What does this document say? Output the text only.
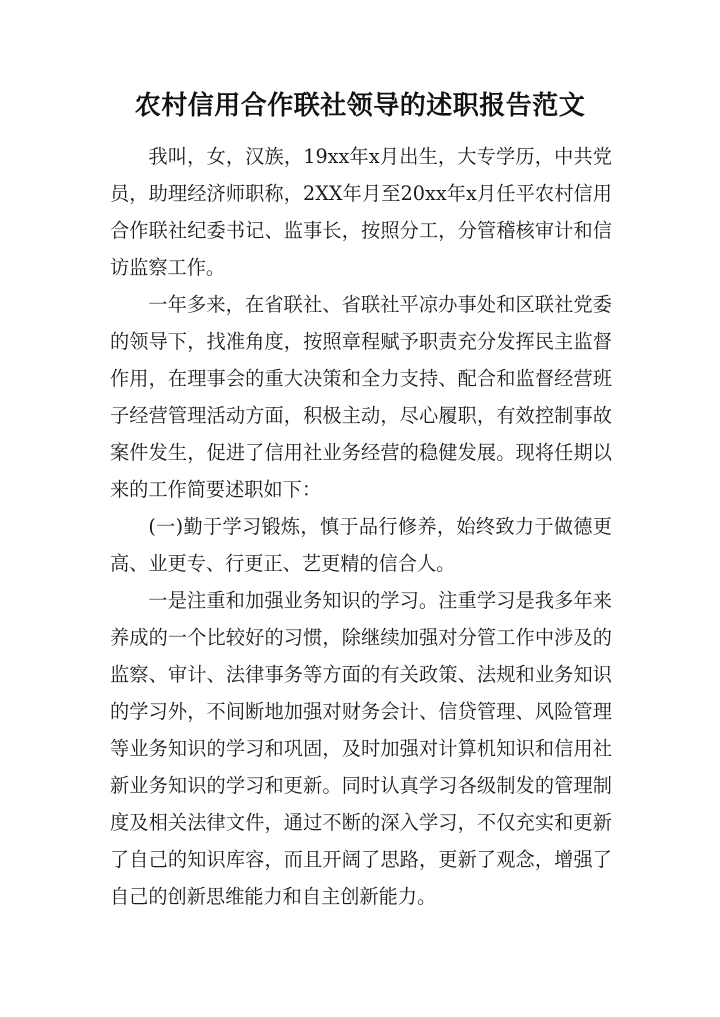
农村信用合作联社领导的述职报告范文

我叫，女，汉族，19xx年x月出生，大专学历，中共党员，助理经济师职称，2XX年月至20xx年x月任平农村信用合作联社纪委书记、监事长，按照分工，分管稽核审计和信访监察工作。

一年多来，在省联社、省联社平凉办事处和区联社党委的领导下，找准角度，按照章程赋予职责充分发挥民主监督作用，在理事会的重大决策和全力支持、配合和监督经营班子经营管理活动方面，积极主动，尽心履职，有效控制事故案件发生，促进了信用社业务经营的稳健发展。现将任期以来的工作简要述职如下：

(一)勤于学习锻炼，慎于品行修养，始终致力于做德更高、业更专、行更正、艺更精的信合人。

一是注重和加强业务知识的学习。注重学习是我多年来养成的一个比较好的习惯，除继续加强对分管工作中涉及的监察、审计、法律事务等方面的有关政策、法规和业务知识的学习外，不间断地加强对财务会计、信贷管理、风险管理等业务知识的学习和巩固，及时加强对计算机知识和信用社新业务知识的学习和更新。同时认真学习各级制发的管理制度及相关法律文件，通过不断的深入学习，不仅充实和更新了自己的知识库容，而且开阔了思路，更新了观念，增强了自己的创新思维能力和自主创新能力。
